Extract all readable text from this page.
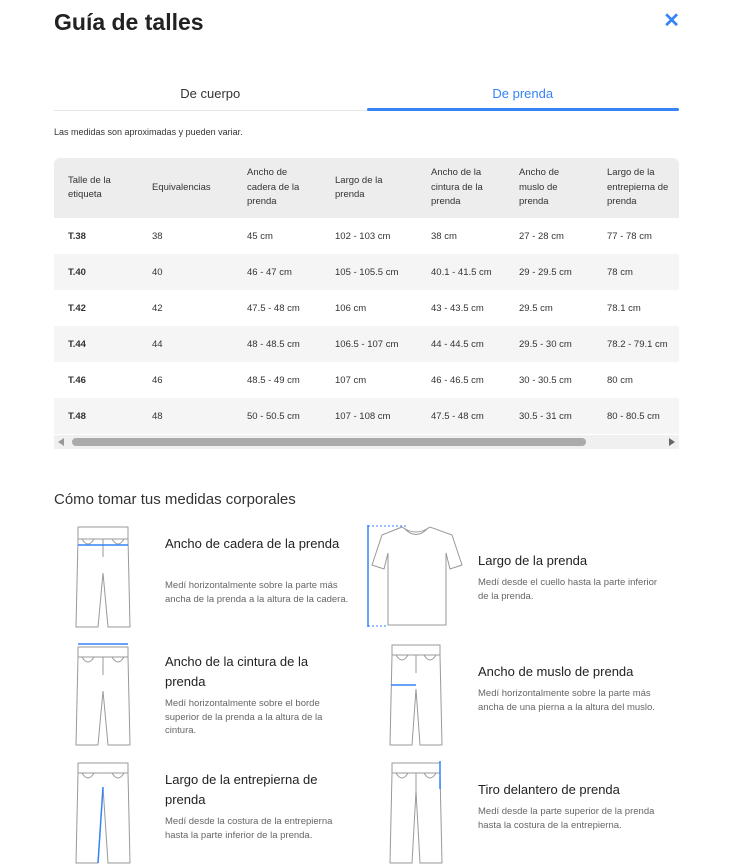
Guía de talles	✕
De cuerpo	De prenda
Las medidas son aproximadas y pueden variar.
Talle de la etiqueta	Equivalencias	Ancho de cadera de la prenda	Largo de la prenda	Ancho de la cintura de la prenda	Ancho de muslo de prenda	Largo de la entrepierna de prenda
T.38	38	45 cm	102 - 103 cm	38 cm	27 - 28 cm	77 - 78 cm
T.40	40	46 - 47 cm	105 - 105.5 cm	40.1 - 41.5 cm	29 - 29.5 cm	78 cm
T.42	42	47.5 - 48 cm	106 cm	43 - 43.5 cm	29.5 cm	78.1 cm
T.44	44	48 - 48.5 cm	106.5 - 107 cm	44 - 44.5 cm	29.5 - 30 cm	78.2 - 79.1 cm
T.46	46	48.5 - 49 cm	107 cm	46 - 46.5 cm	30 - 30.5 cm	80 cm
T.48	48	50 - 50.5 cm	107 - 108 cm	47.5 - 48 cm	30.5 - 31 cm	80 - 80.5 cm
Cómo tomar tus medidas corporales
Ancho de cadera de la prenda
Medí horizontalmente sobre la parte más ancha de la prenda a la altura de la cadera.
Largo de la prenda
Medí desde el cuello hasta la parte inferior de la prenda.
Ancho de la cintura de la prenda
Medí horizontalmente sobre el borde superior de la prenda a la altura de la cintura.
Ancho de muslo de prenda
Medí horizontalmente sobre la parte más ancha de una pierna a la altura del muslo.
Largo de la entrepierna de prenda
Medí desde la costura de la entrepierna hasta la parte inferior de la prenda.
Tiro delantero de prenda
Medí desde la parte superior de la prenda hasta la costura de la entrepierna.
